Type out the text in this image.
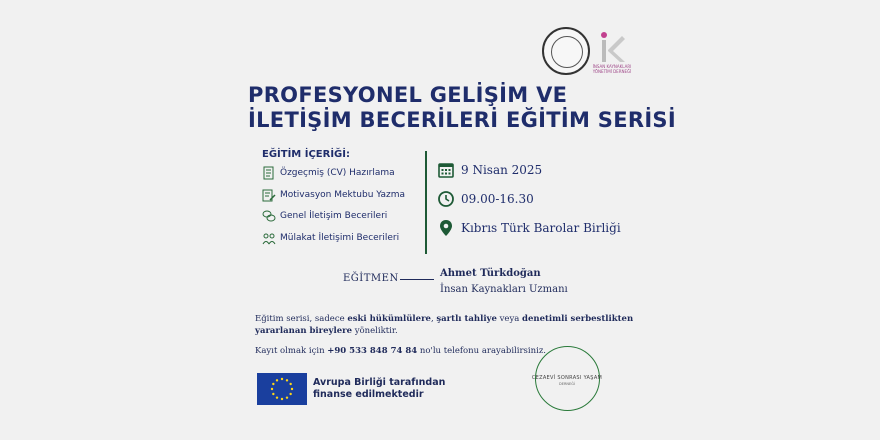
İNSAN KAYNAKLARI YÖNETİMİ DERNEĞİ
PROFESYONEL GELİŞİM VE
İLETİŞİM BECERİLERİ EĞİTİM SERİSİ
EĞİTİM İÇERİĞİ:
Özgeçmiş (CV) Hazırlama
Motivasyon Mektubu Yazma
Genel İletişim Becerileri
Mülakat İletişimi Becerileri
9 Nisan 2025
09.00-16.30
Kıbrıs Türk Barolar Birliği
EĞİTMEN	Ahmet Türkdoğan
İnsan Kaynakları Uzmanı
Eğitim serisi, sadece eski hükümlülere, şartlı tahliye veya denetimli serbestlikten
yararlanan bireylere yöneliktir.
Kayıt olmak için +90 533 848 74 84 no'lu telefonu arayabilirsiniz.
Avrupa Birliği tarafından
finanse edilmektedir
CEZAEVİ SONRASI YAŞAM
DERNEĞİ
